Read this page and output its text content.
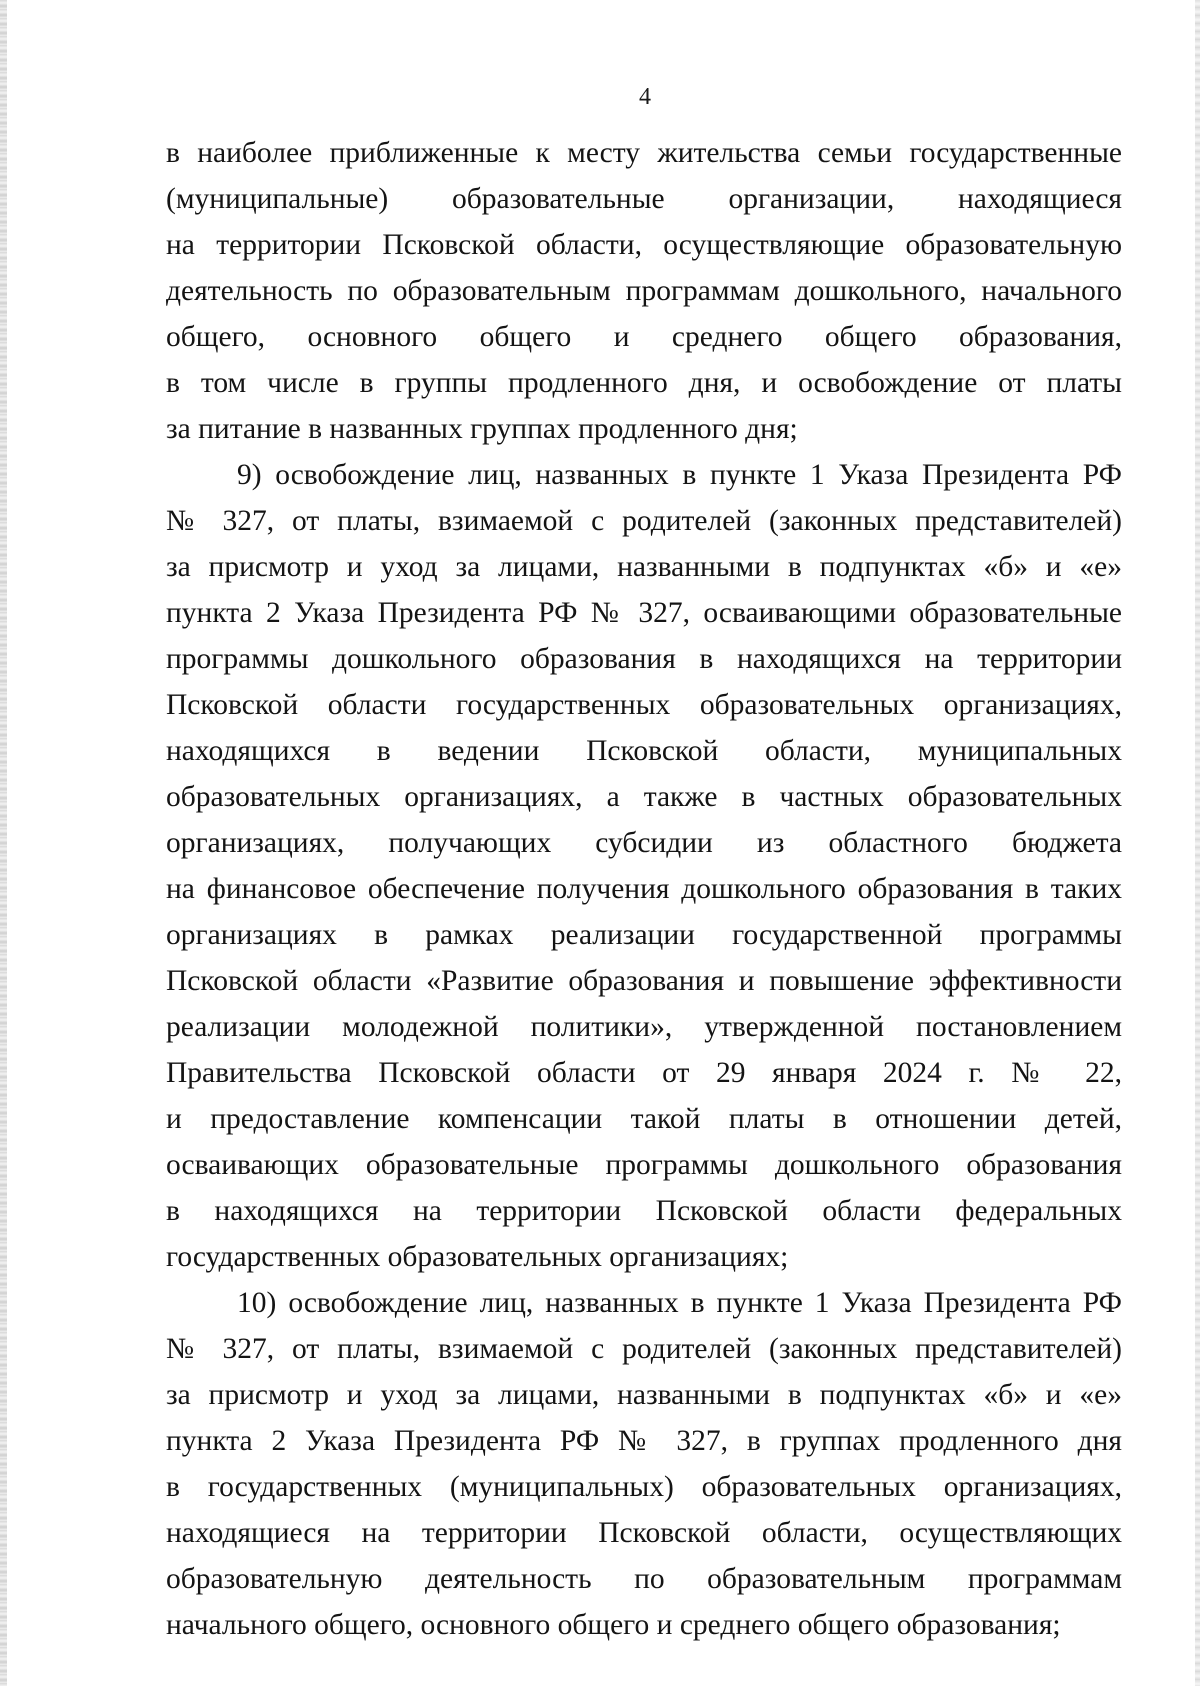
4
в наиболее приближенные к месту жительства семьи государственные
(муниципальные) образовательные организации, находящиеся
на территории Псковской области, осуществляющие образовательную
деятельность по образовательным программам дошкольного, начального
общего, основного общего и среднего общего образования,
в том числе в группы продленного дня, и освобождение от платы
за питание в названных группах продленного дня;
9) освобождение лиц, названных в пункте 1 Указа Президента РФ
№ 327, от платы, взимаемой с родителей (законных представителей)
за присмотр и уход за лицами, названными в подпунктах «б» и «е»
пункта 2 Указа Президента РФ № 327, осваивающими образовательные
программы дошкольного образования в находящихся на территории
Псковской области государственных образовательных организациях,
находящихся в ведении Псковской области, муниципальных
образовательных организациях, а также в частных образовательных
организациях, получающих субсидии из областного бюджета
на финансовое обеспечение получения дошкольного образования в таких
организациях в рамках реализации государственной программы
Псковской области «Развитие образования и повышение эффективности
реализации молодежной политики», утвержденной постановлением
Правительства Псковской области от 29 января 2024 г. № 22,
и предоставление компенсации такой платы в отношении детей,
осваивающих образовательные программы дошкольного образования
в находящихся на территории Псковской области федеральных
государственных образовательных организациях;
10) освобождение лиц, названных в пункте 1 Указа Президента РФ
№ 327, от платы, взимаемой с родителей (законных представителей)
за присмотр и уход за лицами, названными в подпунктах «б» и «е»
пункта 2 Указа Президента РФ № 327, в группах продленного дня
в государственных (муниципальных) образовательных организациях,
находящиеся на территории Псковской области, осуществляющих
образовательную деятельность по образовательным программам
начального общего, основного общего и среднего общего образования;
